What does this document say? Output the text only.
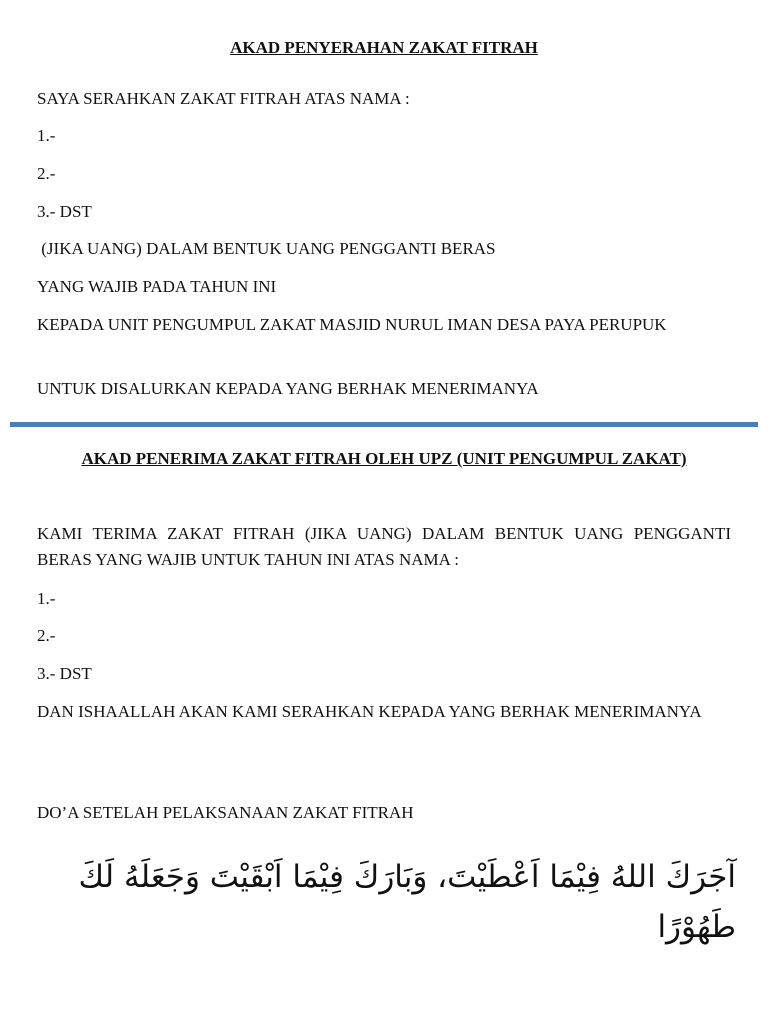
AKAD PENYERAHAN ZAKAT FITRAH

SAYA SERAHKAN ZAKAT FITRAH ATAS NAMA :

1.-

2.-

3.- DST

(JIKA UANG) DALAM BENTUK UANG PENGGANTI BERAS

YANG WAJIB PADA TAHUN INI

KEPADA UNIT PENGUMPUL ZAKAT MASJID NURUL IMAN DESA PAYA PERUPUK

UNTUK DISALURKAN KEPADA YANG BERHAK MENERIMANYA

AKAD PENERIMA ZAKAT FITRAH OLEH UPZ (UNIT PENGUMPUL ZAKAT)

KAMI TERIMA ZAKAT FITRAH (JIKA UANG) DALAM BENTUK UANG PENGGANTI BERAS YANG WAJIB UNTUK TAHUN INI ATAS NAMA :

1.-

2.-

3.- DST

DAN ISHAALLAH AKAN KAMI SERAHKAN KEPADA YANG BERHAK MENERIMANYA

DO’A SETELAH PELAKSANAAN ZAKAT FITRAH

آجَرَكَ اللهُ فِيْمَا اَعْطَيْتَ، وَبَارَكَ فِيْمَا اَبْقَيْتَ وَجَعَلَهُ لَكَ طَهُوْرًا
